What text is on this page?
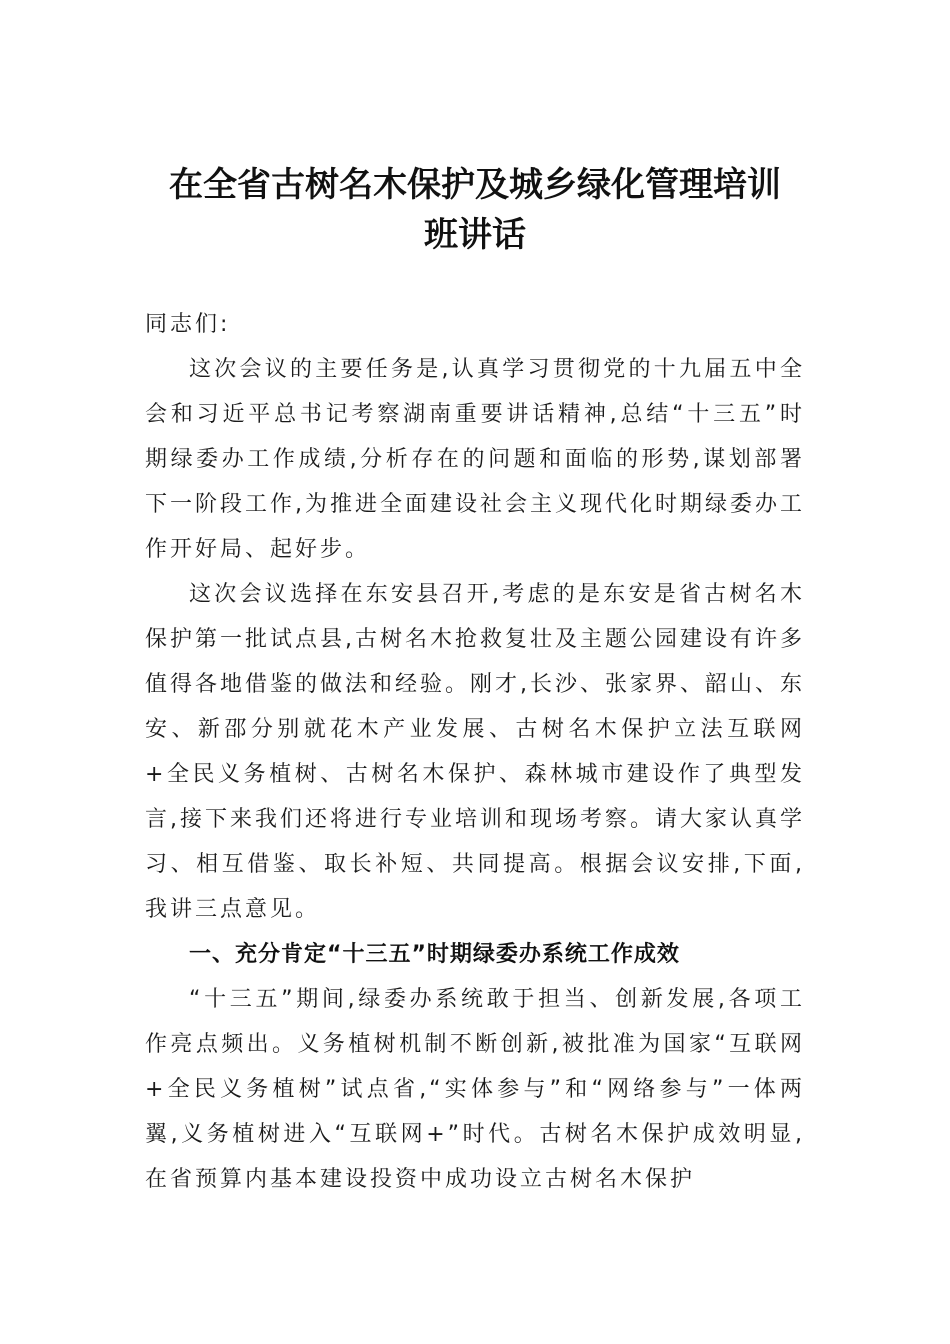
在全省古树名木保护及城乡绿化管理培训
班讲话

同志们:

这次会议的主要任务是,认真学习贯彻党的十九届五中全会和习近平总书记考察湖南重要讲话精神,总结“十三五”时期绿委办工作成绩,分析存在的问题和面临的形势,谋划部署下一阶段工作,为推进全面建设社会主义现代化时期绿委办工作开好局、起好步。

这次会议选择在东安县召开,考虑的是东安是省古树名木保护第一批试点县,古树名木抢救复壮及主题公园建设有许多值得各地借鉴的做法和经验。刚才,长沙、张家界、韶山、东安、新邵分别就花木产业发展、古树名木保护立法互联网+全民义务植树、古树名木保护、森林城市建设作了典型发言,接下来我们还将进行专业培训和现场考察。请大家认真学习、相互借鉴、取长补短、共同提高。根据会议安排,下面,我讲三点意见。

一、充分肯定“十三五”时期绿委办系统工作成效

“十三五”期间,绿委办系统敢于担当、创新发展,各项工作亮点频出。义务植树机制不断创新,被批准为国家“互联网+全民义务植树”试点省,“实体参与”和“网络参与”一体两翼,义务植树进入“互联网+”时代。古树名木保护成效明显,在省预算内基本建设投资中成功设立古树名木保护
